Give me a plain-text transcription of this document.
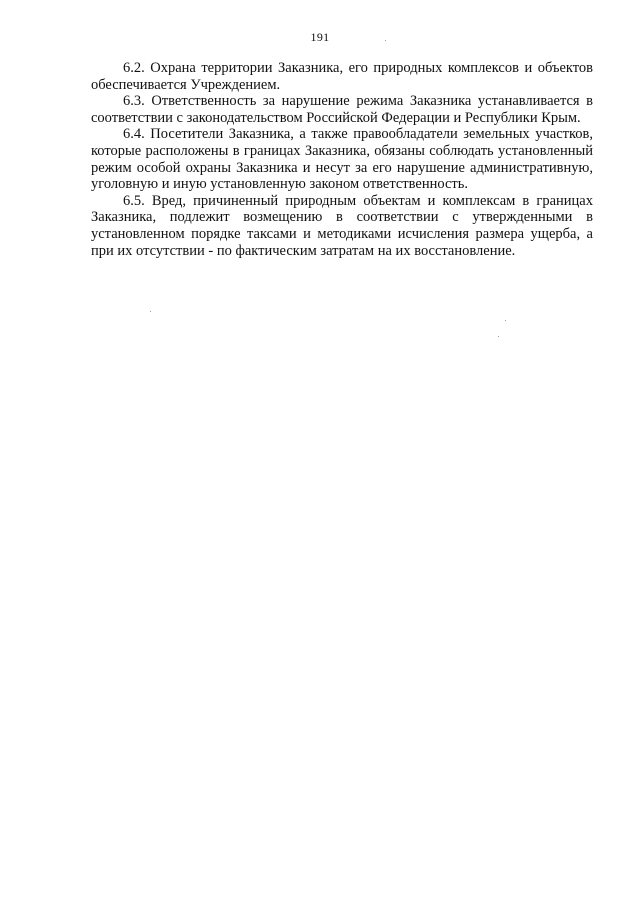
191

6.2. Охрана территории Заказника, его природных комплексов и объектов обеспечивается Учреждением.

6.3. Ответственность за нарушение режима Заказника устанавливается в соответствии с законодательством Российской Федерации и Республики Крым.

6.4. Посетители Заказника, а также правообладатели земельных участков, которые расположены в границах Заказника, обязаны соблюдать установленный режим особой охраны Заказника и несут за его нарушение административную, уголовную и иную установленную законом ответственность.

6.5. Вред, причиненный природным объектам и комплексам в границах Заказника, подлежит возмещению в соответствии с утвержденными в установленном порядке таксами и методиками исчисления размера ущерба, а при их отсутствии - по фактическим затратам на их восстановление.
